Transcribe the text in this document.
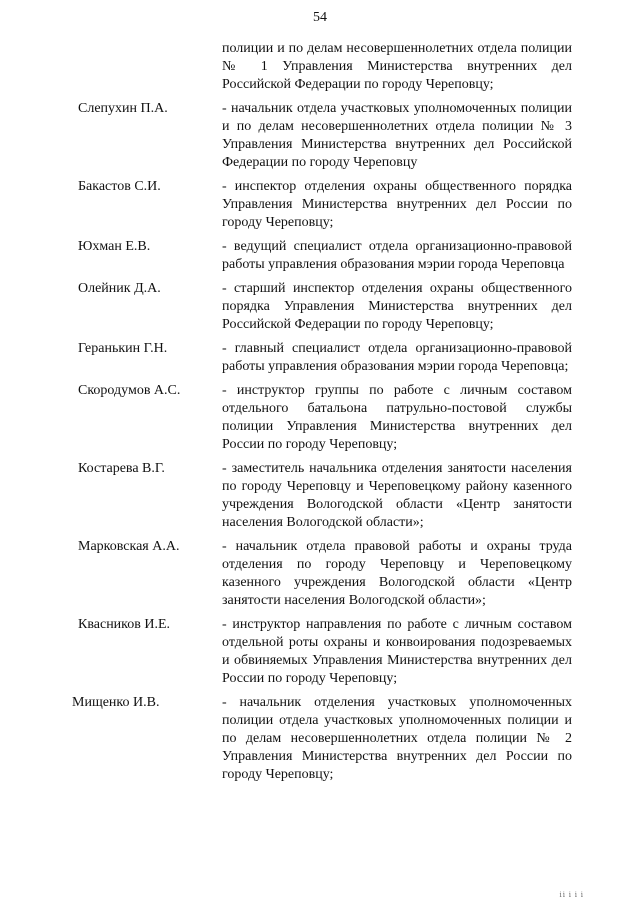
54
полиции и по делам несовершеннолетних отдела полиции № 1 Управления Министерства внутренних дел Российской Федерации по городу Череповцу;
Слепухин П.А.	- начальник отдела участковых уполномоченных полиции и по делам несовершеннолетних отдела полиции № 3 Управления Министерства внутренних дел Российской Федерации по городу Череповцу
Бакастов С.И.	- инспектор отделения охраны общественного порядка Управления Министерства внутренних дел России по городу Череповцу;
Юхман Е.В.	- ведущий специалист отдела организационно-правовой работы управления образования мэрии города Череповца
Олейник Д.А.	- старший инспектор отделения охраны общественного порядка Управления Министерства внутренних дел Российской Федерации по городу Череповцу;
Геранькин Г.Н.	- главный специалист отдела организационно-правовой работы управления образования мэрии города Череповца;
Скородумов А.С.	- инструктор группы по работе с личным составом отдельного батальона патрульно-постовой службы полиции Управления Министерства внутренних дел России по городу Череповцу;
Костарева В.Г.	- заместитель начальника отделения занятости населения по городу Череповцу и Череповецкому району казенного учреждения Вологодской области «Центр занятости населения Вологодской области»;
Марковская А.А.	- начальник отдела правовой работы и охраны труда отделения по городу Череповцу и Череповецкому казенного учреждения Вологодской области «Центр занятости населения Вологодской области»;
Квасников И.Е.	- инструктор направления по работе с личным составом отдельной роты охраны и конвоирования подозреваемых и обвиняемых Управления Министерства внутренних дел России по городу Череповцу;
Мищенко И.В.	- начальник отделения участковых уполномоченных полиции отдела участковых уполномоченных полиции и по делам несовершеннолетних отдела полиции № 2 Управления Министерства внутренних дел России по городу Череповцу;
ⅰⅰ ⅰ ⅰ ⅰ
